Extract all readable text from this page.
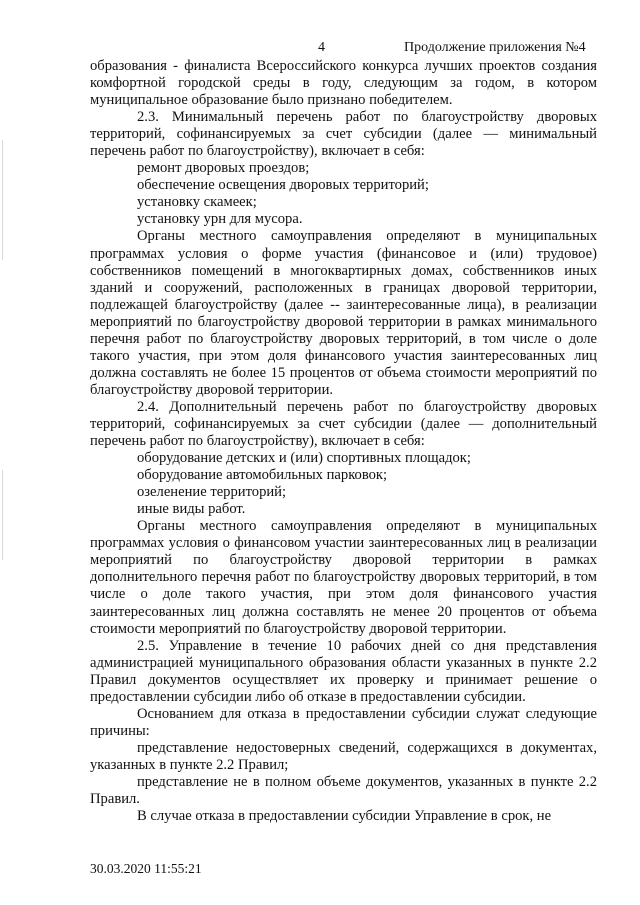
4	Продолжение приложения №4

образования - финалиста Всероссийского конкурса лучших проектов создания комфортной городской среды в году, следующим за годом, в котором муниципальное образование было признано победителем.

2.3. Минимальный перечень работ по благоустройству дворовых территорий, софинансируемых за счет субсидии (далее — минимальный перечень работ по благоустройству), включает в себя:

ремонт дворовых проездов;

обеспечение освещения дворовых территорий;

установку скамеек;

установку урн для мусора.

Органы местного самоуправления определяют в муниципальных программах условия о форме участия (финансовое и (или) трудовое) собственников помещений в многоквартирных домах, собственников иных зданий и сооружений, расположенных в границах дворовой территории, подлежащей благоустройству (далее -- заинтересованные лица), в реализации мероприятий по благоустройству дворовой территории в рамках минимального перечня работ по благоустройству дворовых территорий, в том числе о доле такого участия, при этом доля финансового участия заинтересованных лиц должна составлять не более 15 процентов от объема стоимости мероприятий по благоустройству дворовой территории.

2.4. Дополнительный перечень работ по благоустройству дворовых территорий, софинансируемых за счет субсидии (далее — дополнительный перечень работ по благоустройству), включает в себя:

оборудование детских и (или) спортивных площадок;

оборудование автомобильных парковок;

озеленение территорий;

иные виды работ.

Органы местного самоуправления определяют в муниципальных программах условия о финансовом участии заинтересованных лиц в реализации мероприятий по благоустройству дворовой территории в рамках дополнительного перечня работ по благоустройству дворовых территорий, в том числе о доле такого участия, при этом доля финансового участия заинтересованных лиц должна составлять не менее 20 процентов от объема стоимости мероприятий по благоустройству дворовой территории.

2.5. Управление в течение 10 рабочих дней со дня представления администрацией муниципального образования области указанных в пункте 2.2 Правил документов осуществляет их проверку и принимает решение о предоставлении субсидии либо об отказе в предоставлении субсидии.

Основанием для отказа в предоставлении субсидии служат следующие причины:

представление недостоверных сведений, содержащихся в документах, указанных в пункте 2.2 Правил;

представление не в полном объеме документов, указанных в пункте 2.2 Правил.

В случае отказа в предоставлении субсидии Управление в срок, не

30.03.2020 11:55:21
